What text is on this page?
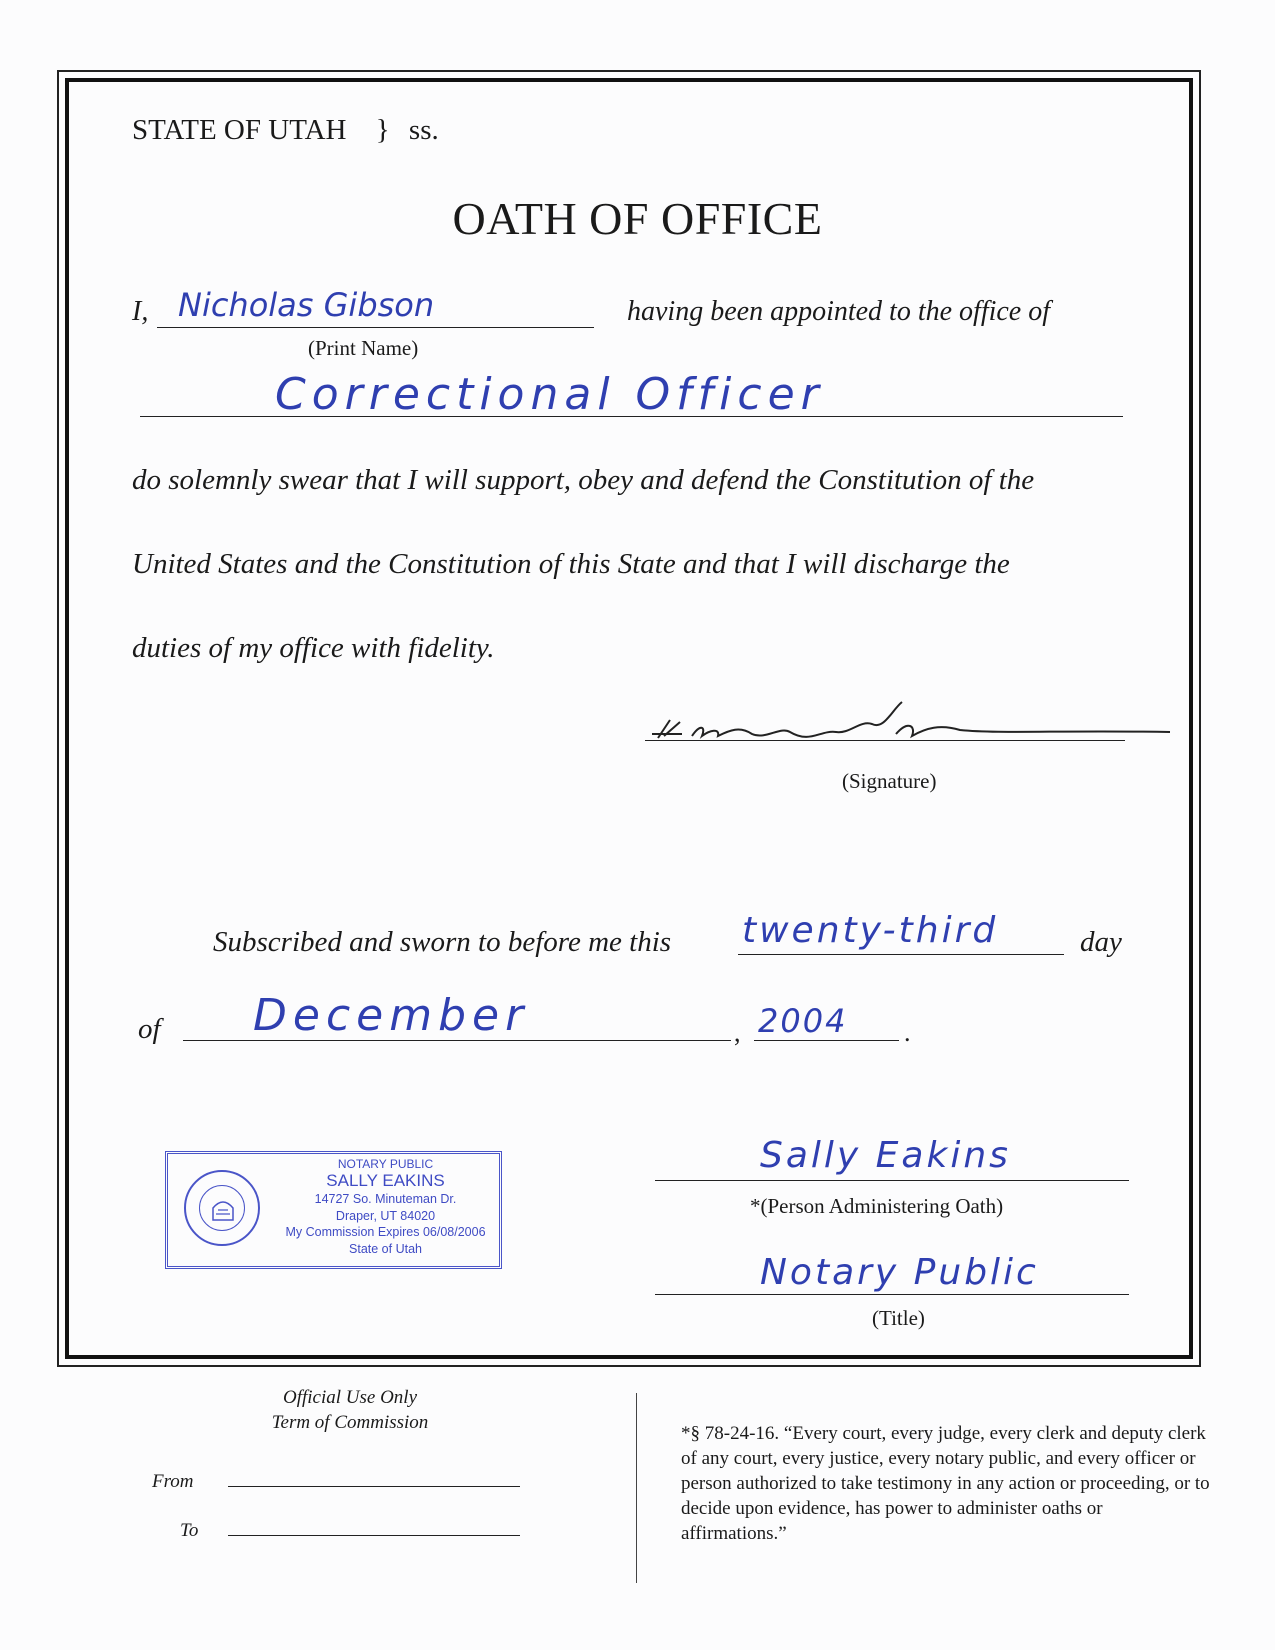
STATE OF UTAH } ss.
OATH OF OFFICE
I, Nicholas Gibson
(Print Name)
having been appointed to the office of
Correctional Officer
do solemnly swear that I will support, obey and defend the Constitution of the
United States and the Constitution of this State and that I will discharge the
duties of my office with fidelity.
(Signature)
Subscribed and sworn to before me this twenty-third	day
of December	, 2004 .
NOTARY PUBLIC
SALLY EAKINS
14727 So. Minuteman Dr.
Draper, UT 84020
My Commission Expires 06/08/2006
State of Utah
Sally Eakins
*(Person Administering Oath)
Notary Public
(Title)
Official Use Only
Term of Commission
From
To
*§ 78-24-16. “Every court, every judge, every clerk and deputy clerk of any court, every justice, every notary public, and every officer or person authorized to take testimony in any action or proceeding, or to decide upon evidence, has power to administer oaths or affirmations.”
